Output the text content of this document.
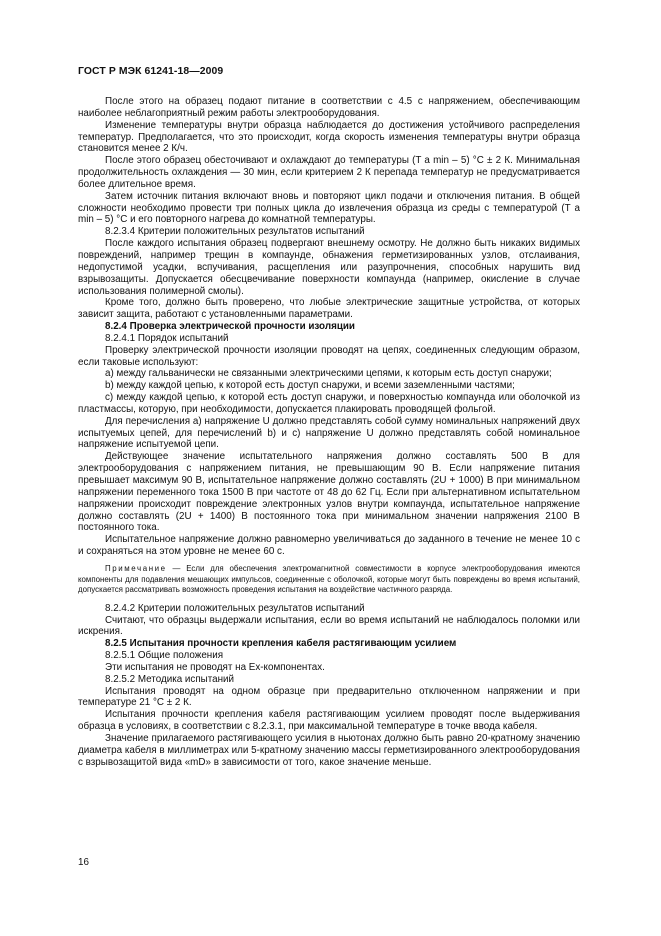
ГОСТ Р МЭК 61241-18—2009

После этого на образец подают питание в соответствии с 4.5 с напряжением, обеспечивающим наиболее неблагоприятный режим работы электрооборудования.

Изменение температуры внутри образца наблюдается до достижения устойчивого распределения температур. Предполагается, что это происходит, когда скорость изменения температуры внутри образца становится менее 2 К/ч.

После этого образец обесточивают и охлаждают до температуры (T a min – 5) °С ± 2 К. Минимальная продолжительность охлаждения — 30 мин, если критерием 2 К перепада температур не предусматривается более длительное время.

Затем источник питания включают вновь и повторяют цикл подачи и отключения питания. В общей сложности необходимо провести три полных цикла до извлечения образца из среды с температурой (T a min – 5) °С и его повторного нагрева до комнатной температуры.

8.2.3.4 Критерии положительных результатов испытаний

После каждого испытания образец подвергают внешнему осмотру. Не должно быть никаких видимых повреждений, например трещин в компаунде, обнажения герметизированных узлов, отслаивания, недопустимой усадки, вспучивания, расщепления или разупрочнения, способных нарушить вид взрывозащиты. Допускается обесцвечивание поверхности компаунда (например, окисление в случае использования полимерной смолы).

Кроме того, должно быть проверено, что любые электрические защитные устройства, от которых зависит защита, работают с установленными параметрами.

8.2.4 Проверка электрической прочности изоляции

8.2.4.1 Порядок испытаний

Проверку электрической прочности изоляции проводят на цепях, соединенных следующим образом, если таковые используют:

a) между гальванически не связанными электрическими цепями, к которым есть доступ снаружи;

b) между каждой цепью, к которой есть доступ снаружи, и всеми заземленными частями;

c) между каждой цепью, к которой есть доступ снаружи, и поверхностью компаунда или оболочкой из пластмассы, которую, при необходимости, допускается плакировать проводящей фольгой.

Для перечисления а) напряжение U должно представлять собой сумму номинальных напряжений двух испытуемых цепей, для перечислений b) и с) напряжение U должно представлять собой номинальное напряжение испытуемой цепи.

Действующее значение испытательного напряжения должно составлять 500 В для электрооборудования с напряжением питания, не превышающим 90 В. Если напряжение питания превышает максимум 90 В, испытательное напряжение должно составлять (2U + 1000) В при минимальном напряжении переменного тока 1500 В при частоте от 48 до 62 Гц. Если при альтернативном испытательном напряжении происходит повреждение электронных узлов внутри компаунда, испытательное напряжение должно составлять (2U + 1400) В постоянного тока при минимальном значении напряжения 2100 В постоянного тока.

Испытательное напряжение должно равномерно увеличиваться до заданного в течение не менее 10 с и сохраняться на этом уровне не менее 60 с.

Примечание — Если для обеспечения электромагнитной совместимости в корпусе электрооборудования имеются компоненты для подавления мешающих импульсов, соединенные с оболочкой, которые могут быть повреждены во время испытаний, допускается рассматривать возможность проведения испытания на воздействие частичного разряда.

8.2.4.2 Критерии положительных результатов испытаний

Считают, что образцы выдержали испытания, если во время испытаний не наблюдалось поломки или искрения.

8.2.5 Испытания прочности крепления кабеля растягивающим усилием

8.2.5.1 Общие положения

Эти испытания не проводят на Ex-компонентах.

8.2.5.2 Методика испытаний

Испытания проводят на одном образце при предварительно отключенном напряжении и при температуре 21 °С ± 2 К.

Испытания прочности крепления кабеля растягивающим усилием проводят после выдерживания образца в условиях, в соответствии с 8.2.3.1, при максимальной температуре в точке ввода кабеля.

Значение прилагаемого растягивающего усилия в ньютонах должно быть равно 20-кратному значению диаметра кабеля в миллиметрах или 5-кратному значению массы герметизированного электрооборудования с взрывозащитой вида «mD» в зависимости от того, какое значение меньше.

16
